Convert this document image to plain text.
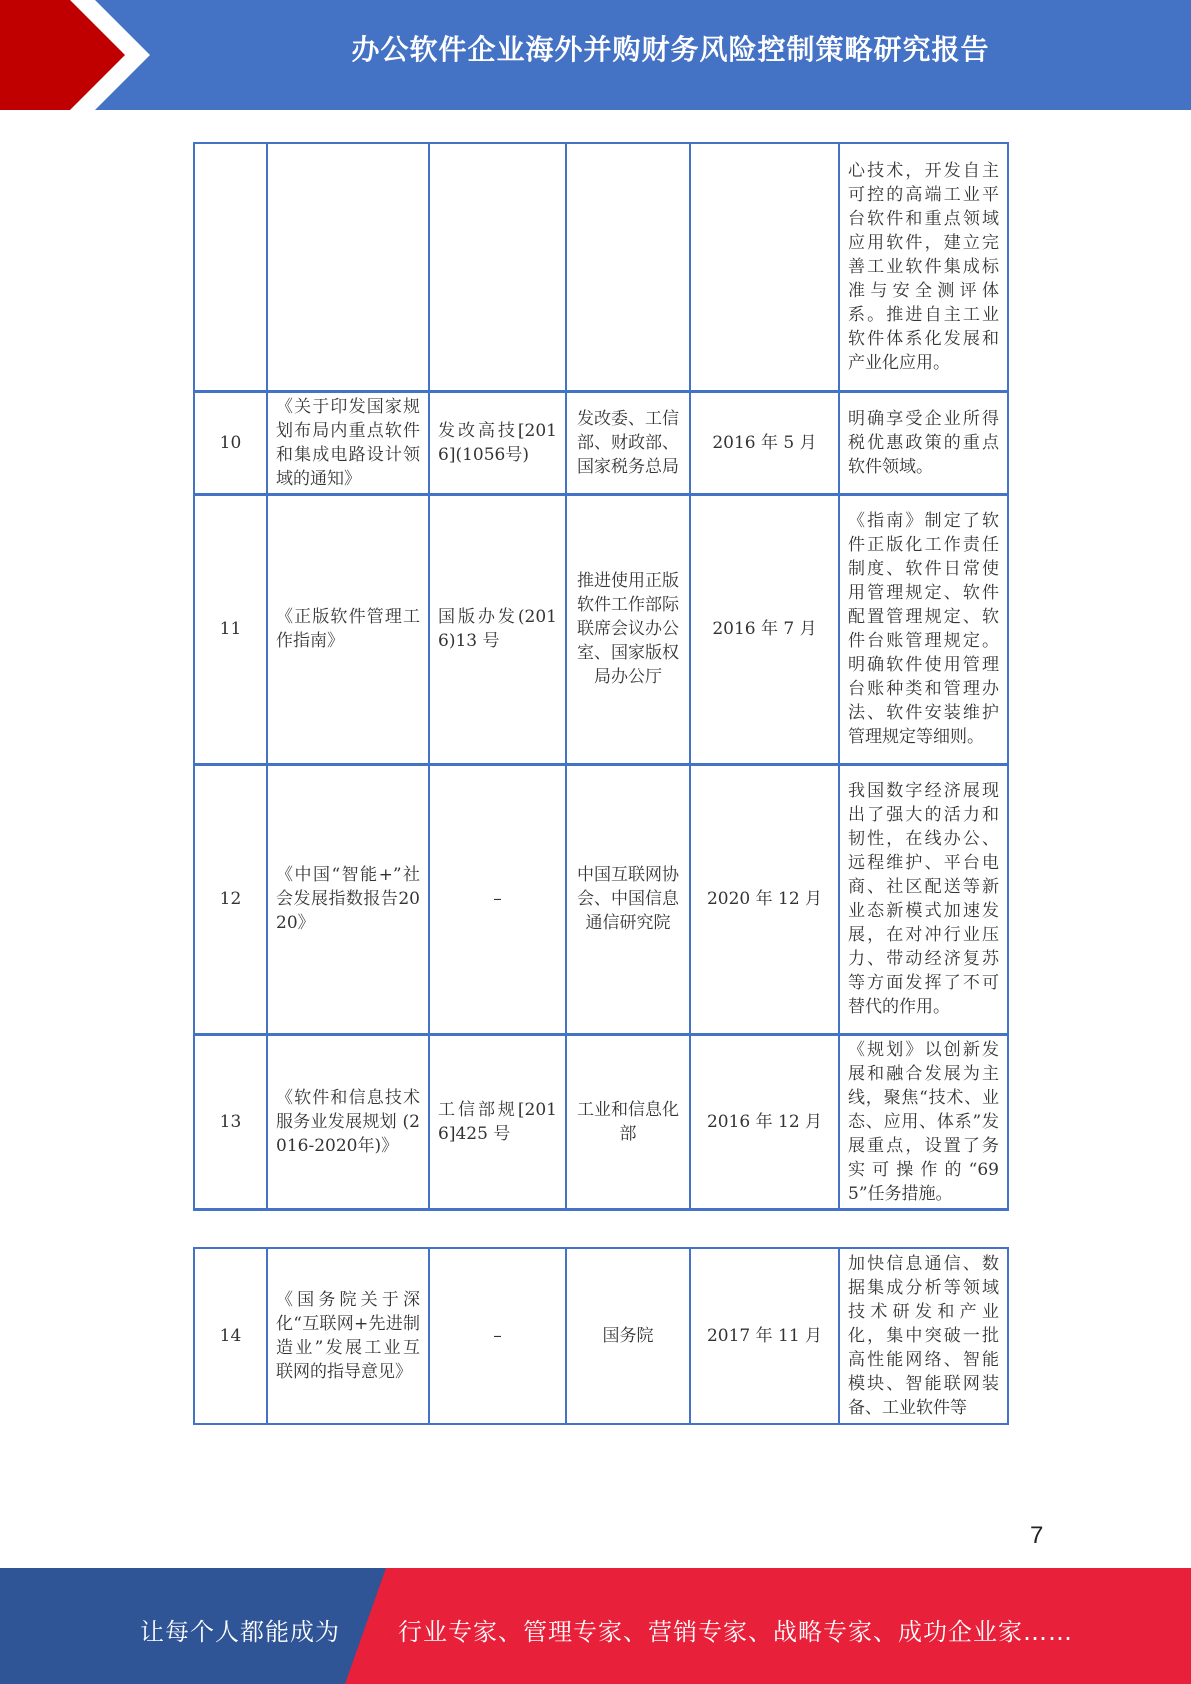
办公软件企业海外并购财务风险控制策略研究报告
					心技术，开发自主可控的高端工业平台软件和重点领域应用软件，建立完善工业软件集成标准与安全测评体系。推进自主工业软件体系化发展和产业化应用。
10	《关于印发国家规划布局内重点软件和集成电路设计领域的通知》	发改高技[2016](1056号)	发改委、工信部、财政部、国家税务总局	2016 年 5 月	明确享受企业所得税优惠政策的重点软件领域。
11	《正版软件管理工作指南》	国版办发(2016)13 号	推进使用正版软件工作部际联席会议办公室、国家版权局办公厅	2016 年 7 月	《指南》制定了软件正版化工作责任制度、软件日常使用管理规定、软件配置管理规定、软件台账管理规定。明确软件使用管理台账种类和管理办法、软件安装维护管理规定等细则。
12	《中国“智能+”社会发展指数报告2020》	–	中国互联网协会、中国信息通信研究院	2020 年 12 月	我国数字经济展现出了强大的活力和韧性，在线办公、远程维护、平台电商、社区配送等新业态新模式加速发展，在对冲行业压力、带动经济复苏等方面发挥了不可替代的作用。
13	《软件和信息技术服务业发展规划 (2016-2020年)》	工信部规[2016]425 号	工业和信息化部	2016 年 12 月	《规划》以创新发展和融合发展为主线，聚焦“技术、业态、应用、体系”发展重点，设置了务实可操作的“695”任务措施。
14	《国务院关于深化“互联网+先进制造业”发展工业互联网的指导意见》	–	国务院	2017 年 11 月	加快信息通信、数据集成分析等领域技术研发和产业化，集中突破一批高性能网络、智能模块、智能联网装备、工业软件等
7
让每个人都能成为 行业专家、管理专家、营销专家、战略专家、成功企业家……
